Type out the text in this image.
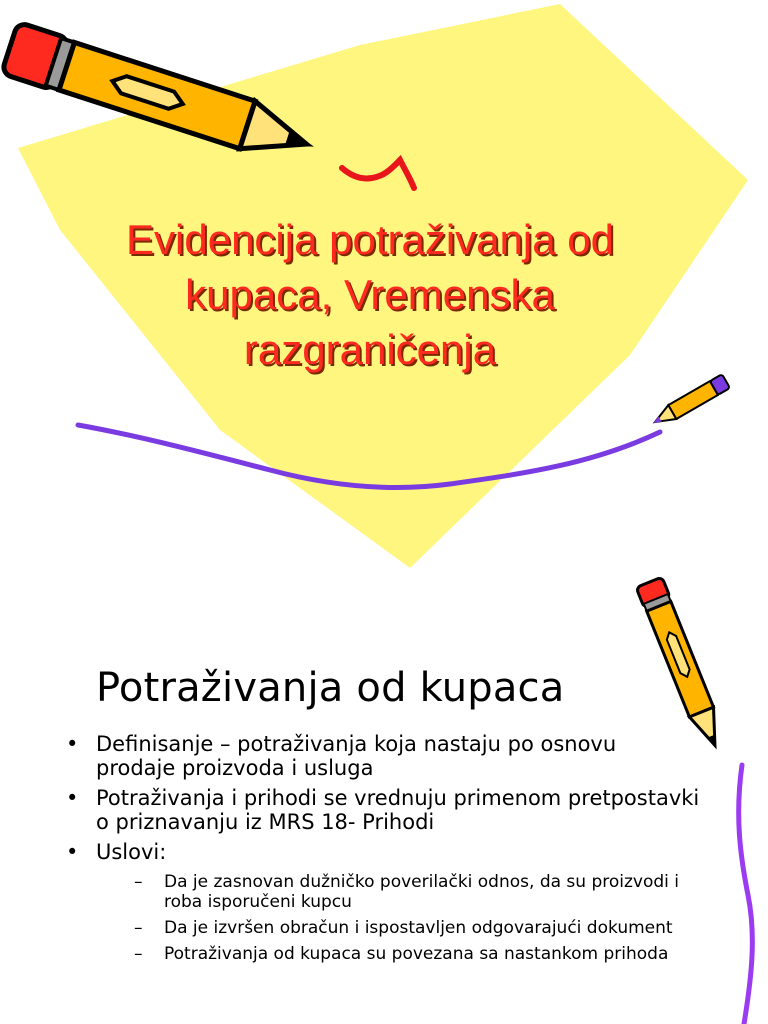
Evidencija potraživanja od kupaca, Vremenska razgraničenja
Potraživanja od kupaca
• Definisanje – potraživanja koja nastaju po osnovu prodaje proizvoda i usluga
• Potraživanja i prihodi se vrednuju primenom pretpostavki o priznavanju iz MRS 18- Prihodi
• Uslovi:
– Da je zasnovan dužničko poverilački odnos, da su proizvodi i roba isporučeni kupcu
– Da je izvršen obračun i ispostavljen odgovarajući dokument
– Potraživanja od kupaca su povezana sa nastankom prihoda
